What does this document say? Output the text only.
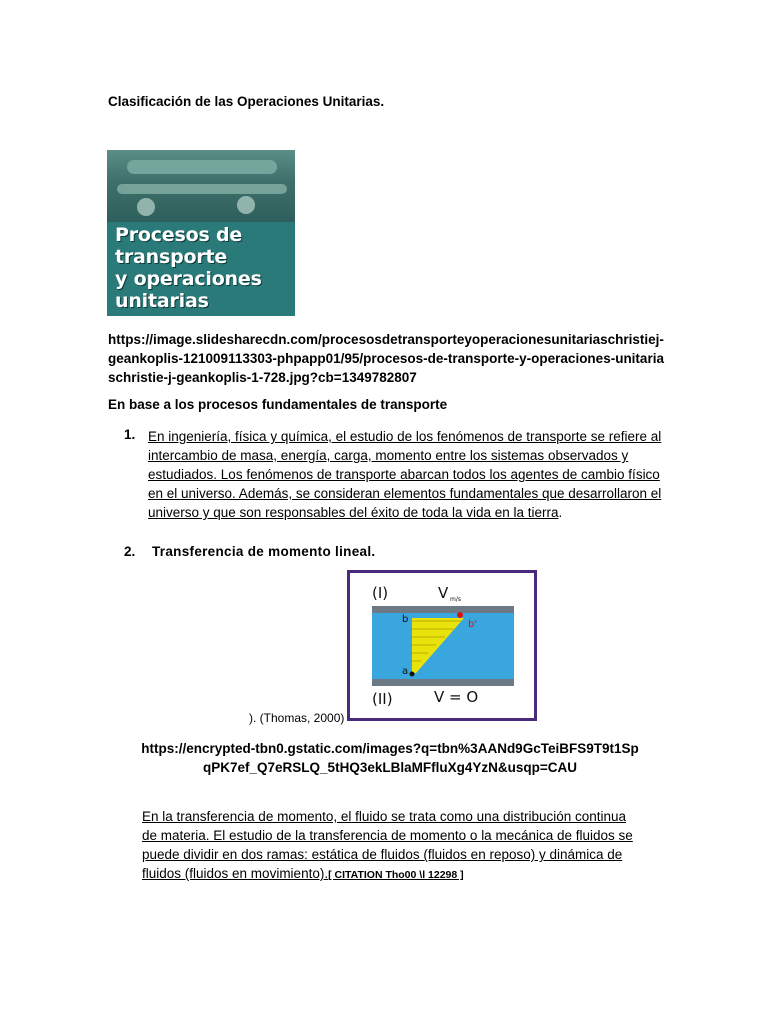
Clasificación de las Operaciones Unitarias.
Procesos de
transporte
y operaciones
unitarias
https://image.slidesharecdn.com/procesosdetransporteyoperacionesunitariaschristiej-geankoplis-121009113303-phpapp01/95/procesos-de-transporte-y-operaciones-unitariaschristie-j-geankoplis-1-728.jpg?cb=1349782807
En base a los procesos fundamentales de transporte
1. En ingeniería, física y química, el estudio de los fenómenos de transporte se refiere al intercambio de masa, energía, carga, momento entre los sistemas observados y estudiados. Los fenómenos de transporte abarcan todos los agentes de cambio físico en el universo. Además, se consideran elementos fundamentales que desarrollaron el universo y que son responsables del éxito de toda la vida en la tierra.
2. Transferencia de momento lineal.
(I)	V m/s
b	b'
a
(II)	V = O
). (Thomas, 2000)
https://encrypted-tbn0.gstatic.com/images?q=tbn%3AANd9GcTeiBFS9T9t1SpqPK7ef_Q7eRSLQ_5tHQ3ekLBlaMFfluXg4YzN&usqp=CAU
En la transferencia de momento, el fluido se trata como una distribución continua de materia. El estudio de la transferencia de momento o la mecánica de fluidos se puede dividir en dos ramas: estática de fluidos (fluidos en reposo) y dinámica de fluidos (fluidos en movimiento).[ CITATION Tho00 \l 12298 ]
